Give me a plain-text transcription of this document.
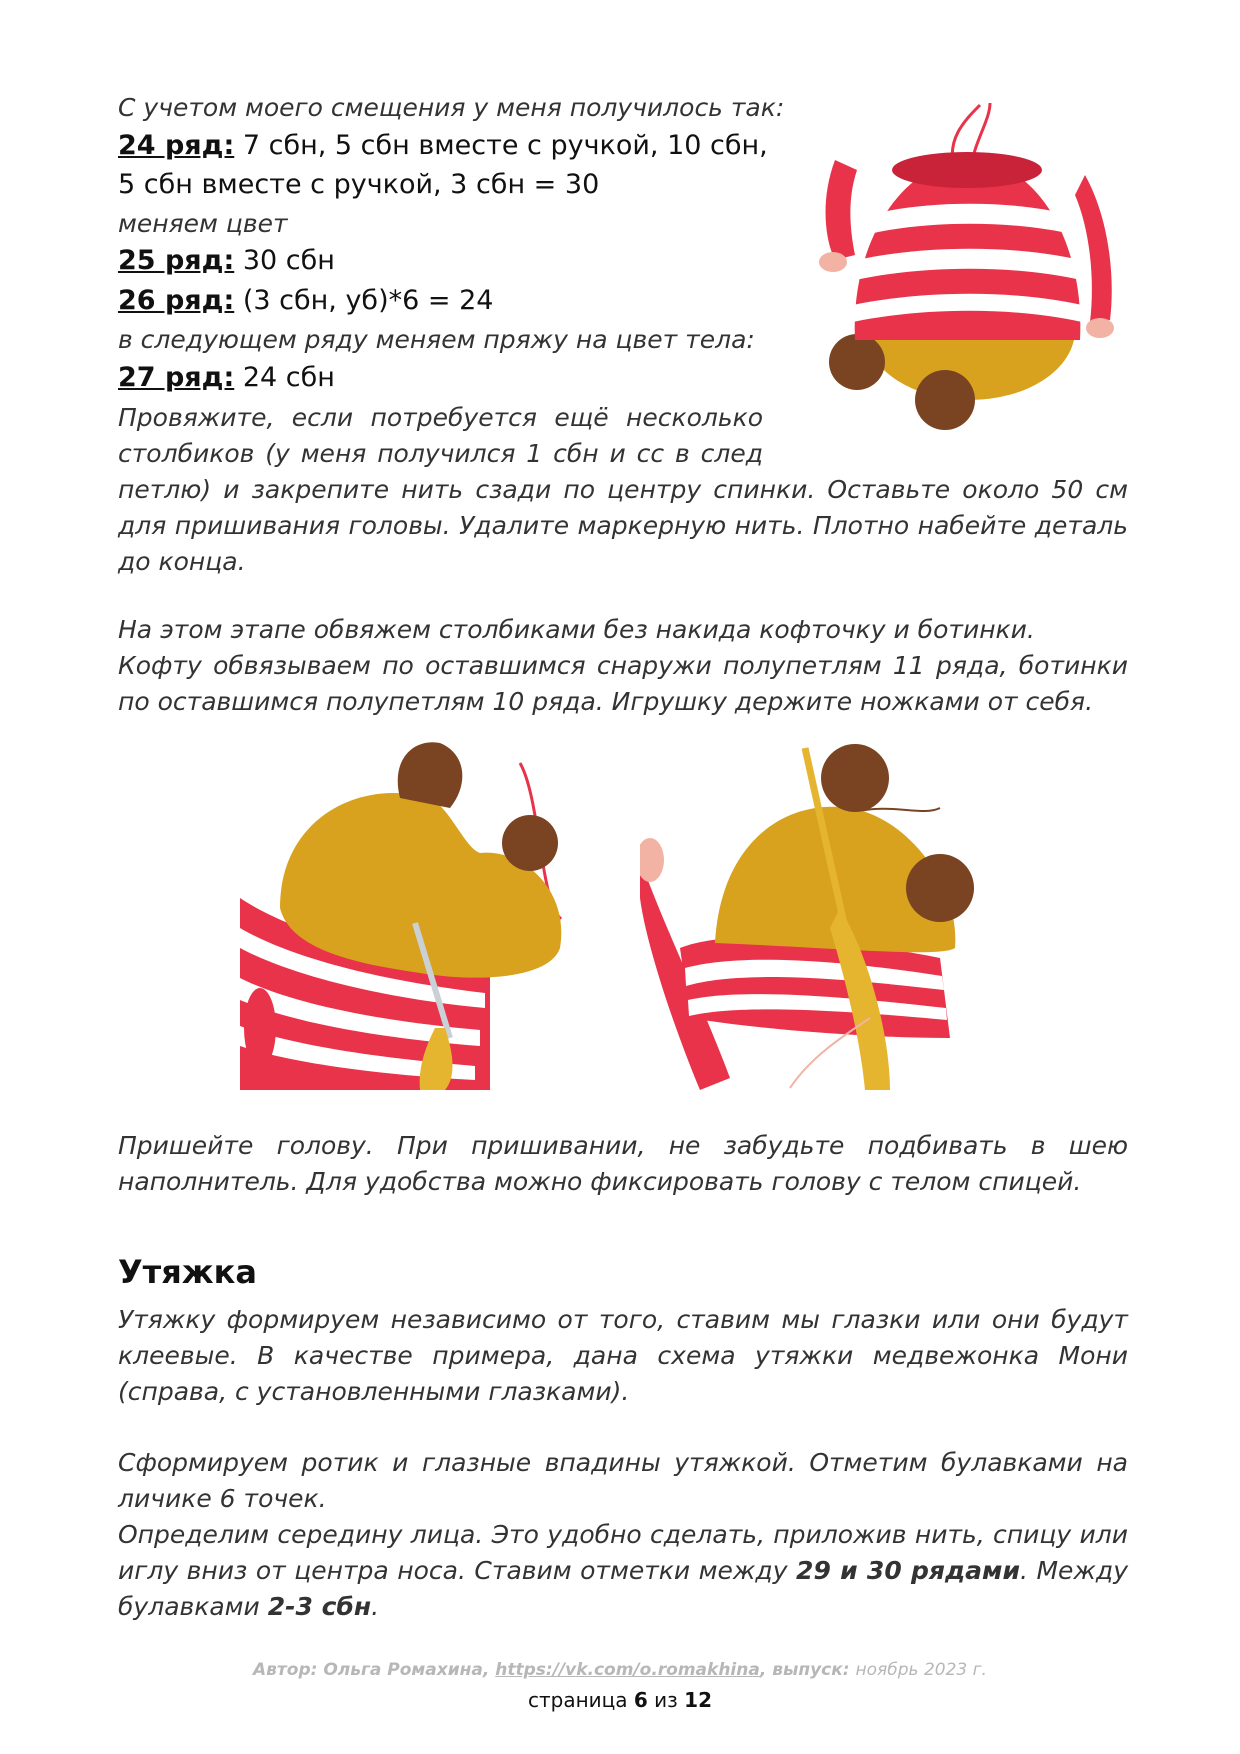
С учетом моего смещения у меня получилось так:
24 ряд: 7 сбн, 5 сбн вместе с ручкой, 10 сбн,
5 сбн вместе с ручкой, 3 сбн = 30
меняем цвет
25 ряд: 30 сбн
26 ряд: (3 сбн, уб)*6 = 24
в следующем ряду меняем пряжу на цвет тела:
27 ряд: 24 сбн
Провяжите, если потребуется ещё несколько
столбиков (у меня получился 1 сбн и сс в след
петлю) и закрепите нить сзади по центру спинки. Оставьте около 50 см для пришивания головы. Удалите маркерную нить. Плотно набейте деталь до конца.
На этом этапе обвяжем столбиками без накида кофточку и ботинки.
Кофту обвязываем по оставшимся снаружи полупетлям 11 ряда, ботинки по оставшимся полупетлям 10 ряда. Игрушку держите ножками от себя.
Пришейте голову. При пришивании, не забудьте подбивать в шею наполнитель. Для удобства можно фиксировать голову с телом спицей.
Утяжка
Утяжку формируем независимо от того, ставим мы глазки или они будут клеевые. В качестве примера, дана схема утяжки медвежонка Мони (справа, с установленными глазками).
Сформируем ротик и глазные впадины утяжкой. Отметим булавками на личике 6 точек.
Определим середину лица. Это удобно сделать, приложив нить, спицу или иглу вниз от центра носа. Ставим отметки между 29 и 30 рядами. Между булавками 2-3 сбн.
Автор: Ольга Ромахина, https://vk.com/o.romakhina, выпуск: ноябрь 2023 г.
страница 6 из 12
